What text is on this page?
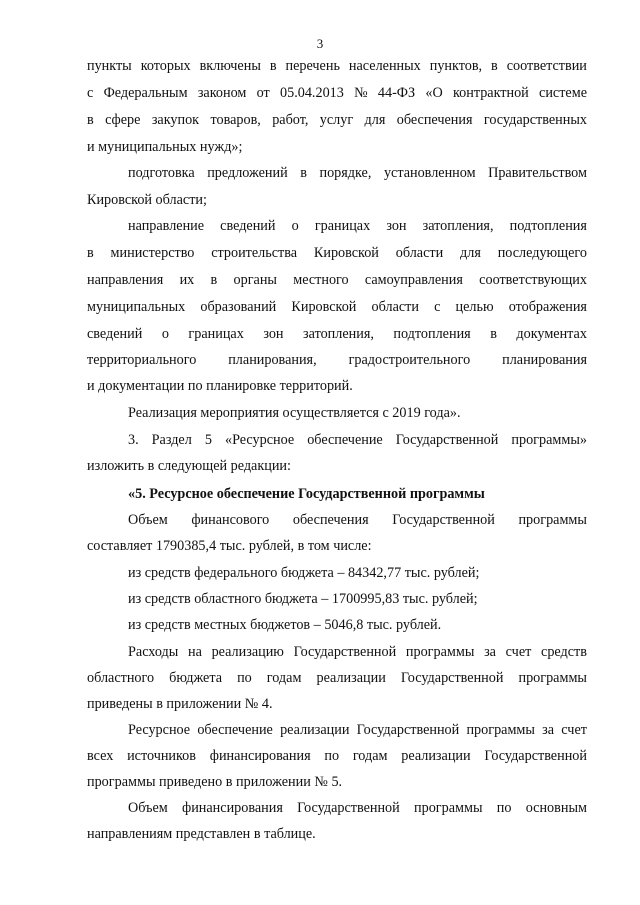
3
пункты которых включены в перечень населенных пунктов, в соответствии
с Федеральным законом от 05.04.2013 № 44-ФЗ «О контрактной системе
в сфере закупок товаров, работ, услуг для обеспечения государственных
и муниципальных нужд»;
подготовка предложений в порядке, установленном Правительством
Кировской области;
направление сведений о границах зон затопления, подтопления
в министерство строительства Кировской области для последующего
направления их в органы местного самоуправления соответствующих
муниципальных образований Кировской области с целью отображения
сведений о границах зон затопления, подтопления в документах
территориального планирования, градостроительного планирования
и документации по планировке территорий.
Реализация мероприятия осуществляется с 2019 года».
3. Раздел 5 «Ресурсное обеспечение Государственной программы»
изложить в следующей редакции:
«5. Ресурсное обеспечение Государственной программы
Объем финансового обеспечения Государственной программы
составляет 1790385,4 тыс. рублей, в том числе:
из средств федерального бюджета – 84342,77 тыс. рублей;
из средств областного бюджета – 1700995,83 тыс. рублей;
из средств местных бюджетов – 5046,8 тыс. рублей.
Расходы на реализацию Государственной программы за счет средств
областного бюджета по годам реализации Государственной программы
приведены в приложении № 4.
Ресурсное обеспечение реализации Государственной программы за счет
всех источников финансирования по годам реализации Государственной
программы приведено в приложении № 5.
Объем финансирования Государственной программы по основным
направлениям представлен в таблице.
